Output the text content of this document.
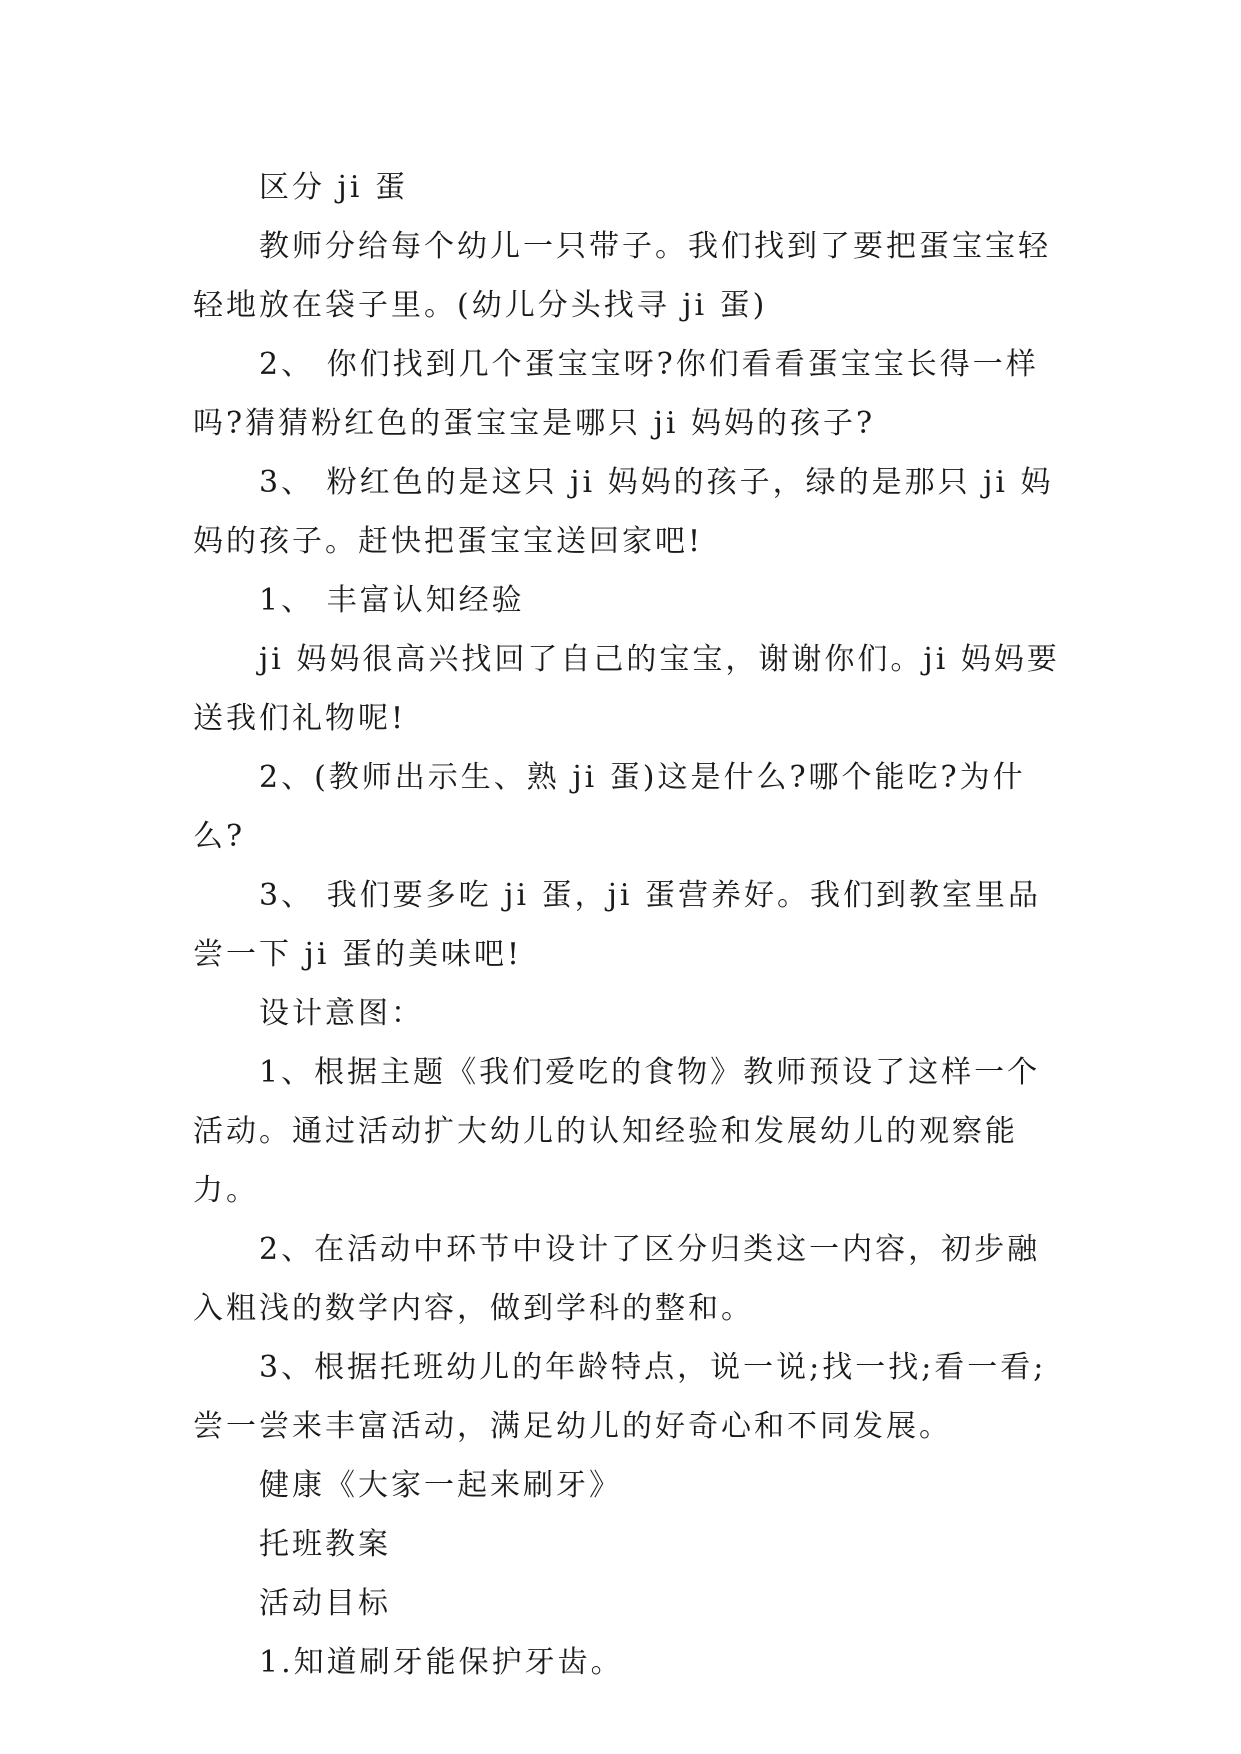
区分 ji 蛋

教师分给每个幼儿一只带子。我们找到了要把蛋宝宝轻轻地放在袋子里。(幼儿分头找寻 ji 蛋)

2、 你们找到几个蛋宝宝呀?你们看看蛋宝宝长得一样吗?猜猜粉红色的蛋宝宝是哪只 ji 妈妈的孩子?

3、 粉红色的是这只 ji 妈妈的孩子，绿的是那只 ji 妈妈的孩子。赶快把蛋宝宝送回家吧!

1、 丰富认知经验

ji 妈妈很高兴找回了自己的宝宝，谢谢你们。ji 妈妈要送我们礼物呢!

2、(教师出示生、熟 ji 蛋)这是什么?哪个能吃?为什么?

3、 我们要多吃 ji 蛋，ji 蛋营养好。我们到教室里品尝一下 ji 蛋的美味吧!

设计意图：

1、根据主题《我们爱吃的食物》教师预设了这样一个活动。通过活动扩大幼儿的认知经验和发展幼儿的观察能力。

2、在活动中环节中设计了区分归类这一内容，初步融入粗浅的数学内容，做到学科的整和。

3、根据托班幼儿的年龄特点，说一说;找一找;看一看;尝一尝来丰富活动，满足幼儿的好奇心和不同发展。

健康《大家一起来刷牙》

托班教案

活动目标

1.知道刷牙能保护牙齿。
